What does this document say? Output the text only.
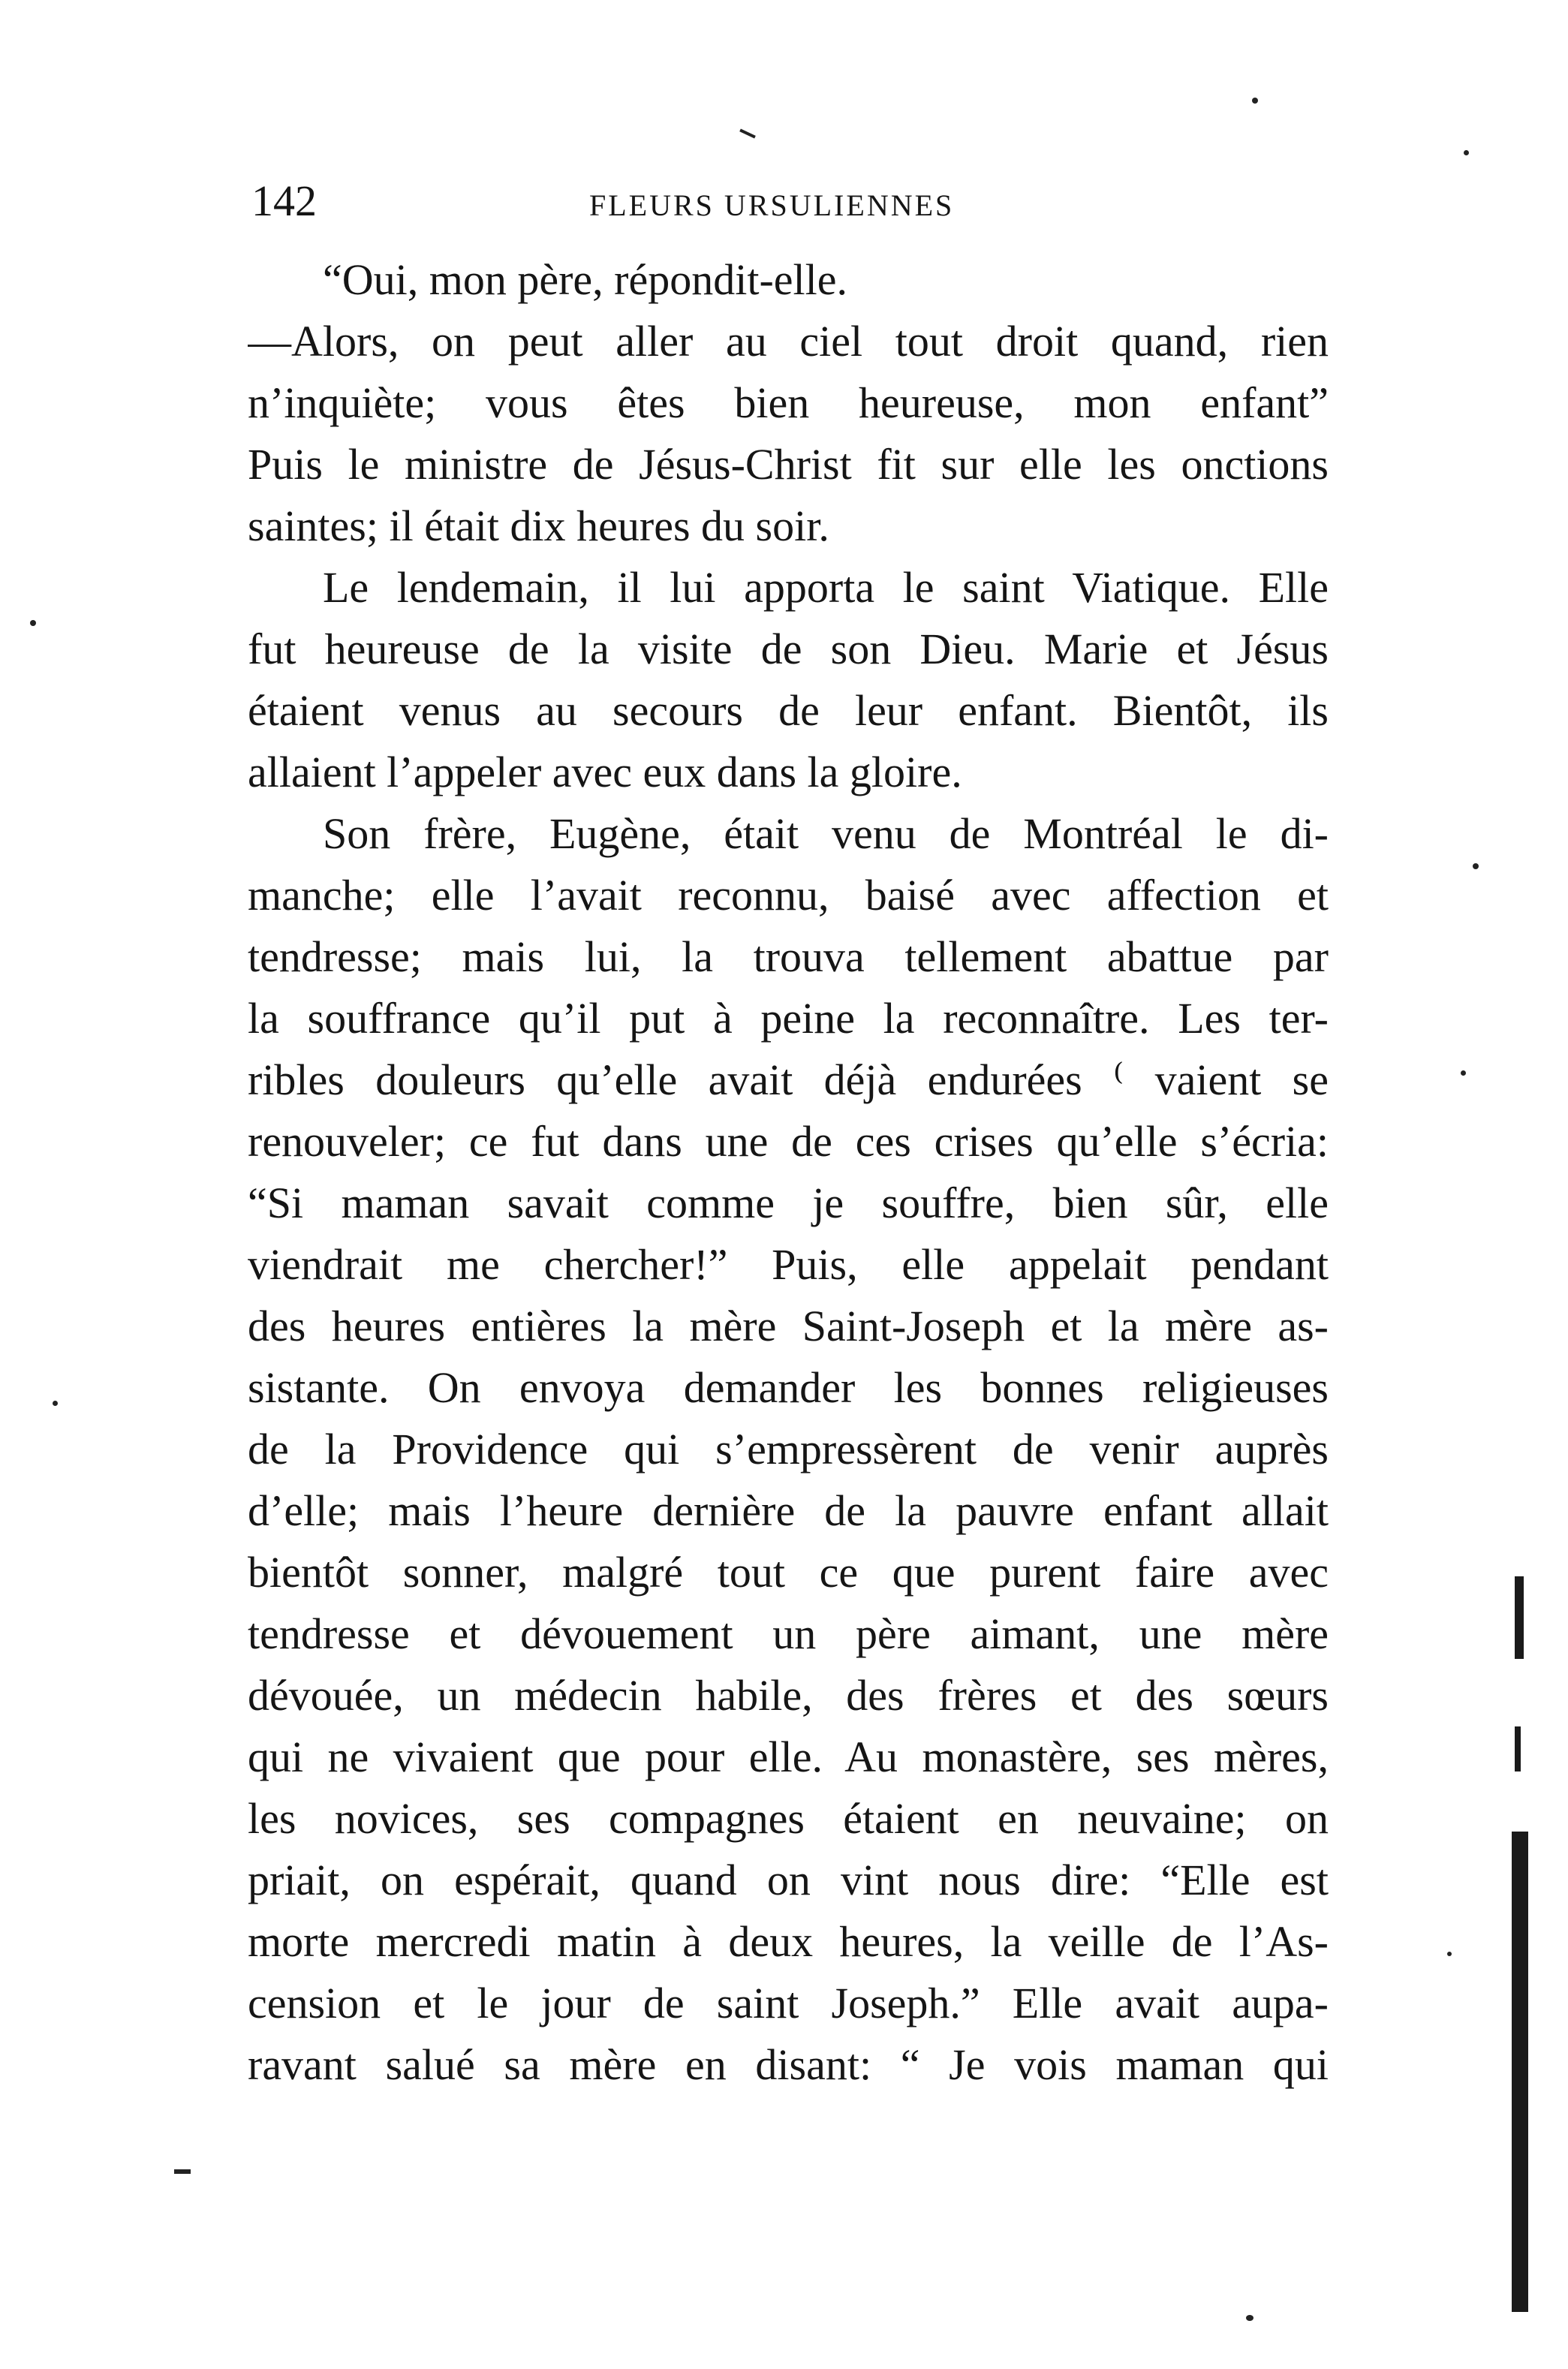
142	FLEURS URSULIENNES
“Oui, mon père, répondit-elle.
—Alors, on peut aller au ciel tout droit quand, rien
n’inquiète; vous êtes bien heureuse, mon enfant”
Puis le ministre de Jésus-Christ fit sur elle les onctions
saintes; il était dix heures du soir.
Le lendemain, il lui apporta le saint Viatique. Elle
fut heureuse de la visite de son Dieu. Marie et Jésus
étaient venus au secours de leur enfant. Bientôt, ils
allaient l’appeler avec eux dans la gloire.
Son frère, Eugène, était venu de Montréal le di-
manche; elle l’avait reconnu, baisé avec affection et
tendresse; mais lui, la trouva tellement abattue par
la souffrance qu’il put à peine la reconnaître. Les ter-
ribles douleurs qu’elle avait déjà endurées ⁽ vaient se
renouveler; ce fut dans une de ces crises qu’elle s’écria:
“Si maman savait comme je souffre, bien sûr, elle
viendrait me chercher!” Puis, elle appelait pendant
des heures entières la mère Saint-Joseph et la mère as-
sistante. On envoya demander les bonnes religieuses
de la Providence qui s’empressèrent de venir auprès
d’elle; mais l’heure dernière de la pauvre enfant allait
bientôt sonner, malgré tout ce que purent faire avec
tendresse et dévouement un père aimant, une mère
dévouée, un médecin habile, des frères et des sœurs
qui ne vivaient que pour elle. Au monastère, ses mères,
les novices, ses compagnes étaient en neuvaine; on
priait, on espérait, quand on vint nous dire: “Elle est
morte mercredi matin à deux heures, la veille de l’As-
cension et le jour de saint Joseph.” Elle avait aupa-
ravant salué sa mère en disant: “ Je vois maman qui
